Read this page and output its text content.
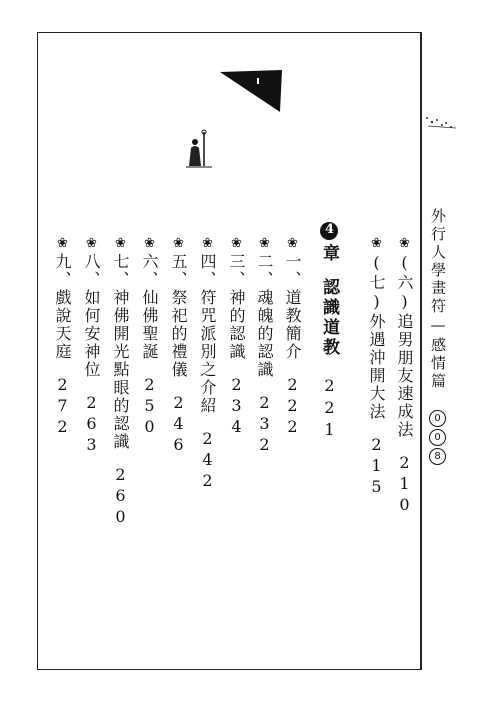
外行人學畫符—感情篇
0
0
8
❀(六)追男朋友速成法210
❀(七)外遇沖開大法215
4章認識道教221
❀一、道教簡介222
❀二、魂魄的認識232
❀三、神的認識234
❀四、符咒派別之介紹242
❀五、祭祀的禮儀246
❀六、仙佛聖誕250
❀七、神佛開光點眼的認識260
❀八、如何安神位263
❀九、戲說天庭272
